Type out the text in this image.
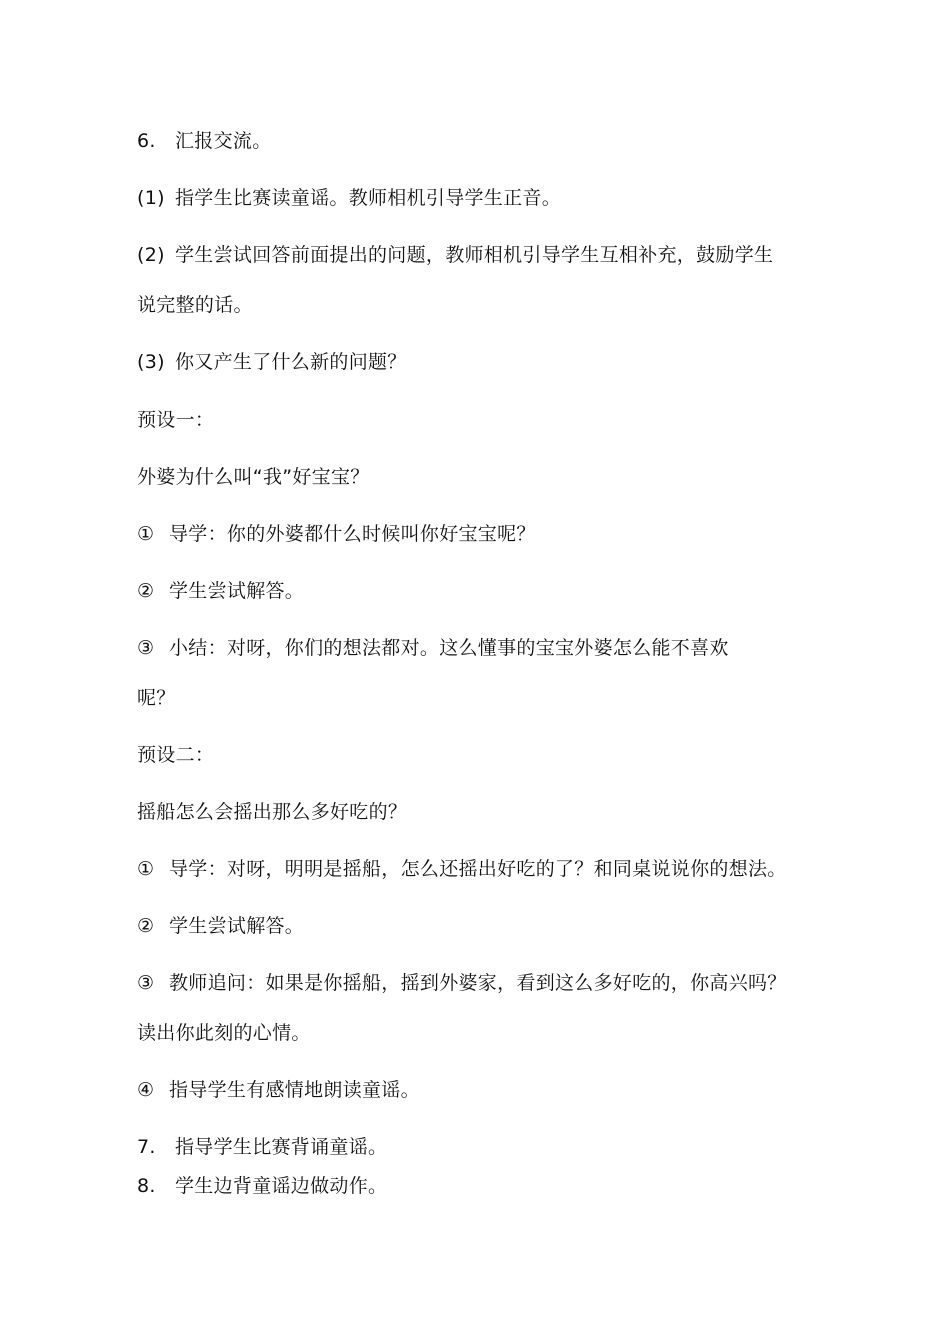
6. 汇报交流。
(1) 指学生比赛读童谣。教师相机引导学生正音。
(2) 学生尝试回答前面提出的问题，教师相机引导学生互相补充，鼓励学生
说完整的话。
(3) 你又产生了什么新的问题？
预设一：
外婆为什么叫“我”好宝宝？
① 导学：你的外婆都什么时候叫你好宝宝呢？
② 学生尝试解答。
③ 小结：对呀，你们的想法都对。这么懂事的宝宝外婆怎么能不喜欢
呢？
预设二：
摇船怎么会摇出那么多好吃的？
① 导学：对呀，明明是摇船，怎么还摇出好吃的了？和同桌说说你的想法。
② 学生尝试解答。
③ 教师追问：如果是你摇船，摇到外婆家，看到这么多好吃的，你高兴吗？
读出你此刻的心情。
④ 指导学生有感情地朗读童谣。
7. 指导学生比赛背诵童谣。
8. 学生边背童谣边做动作。
